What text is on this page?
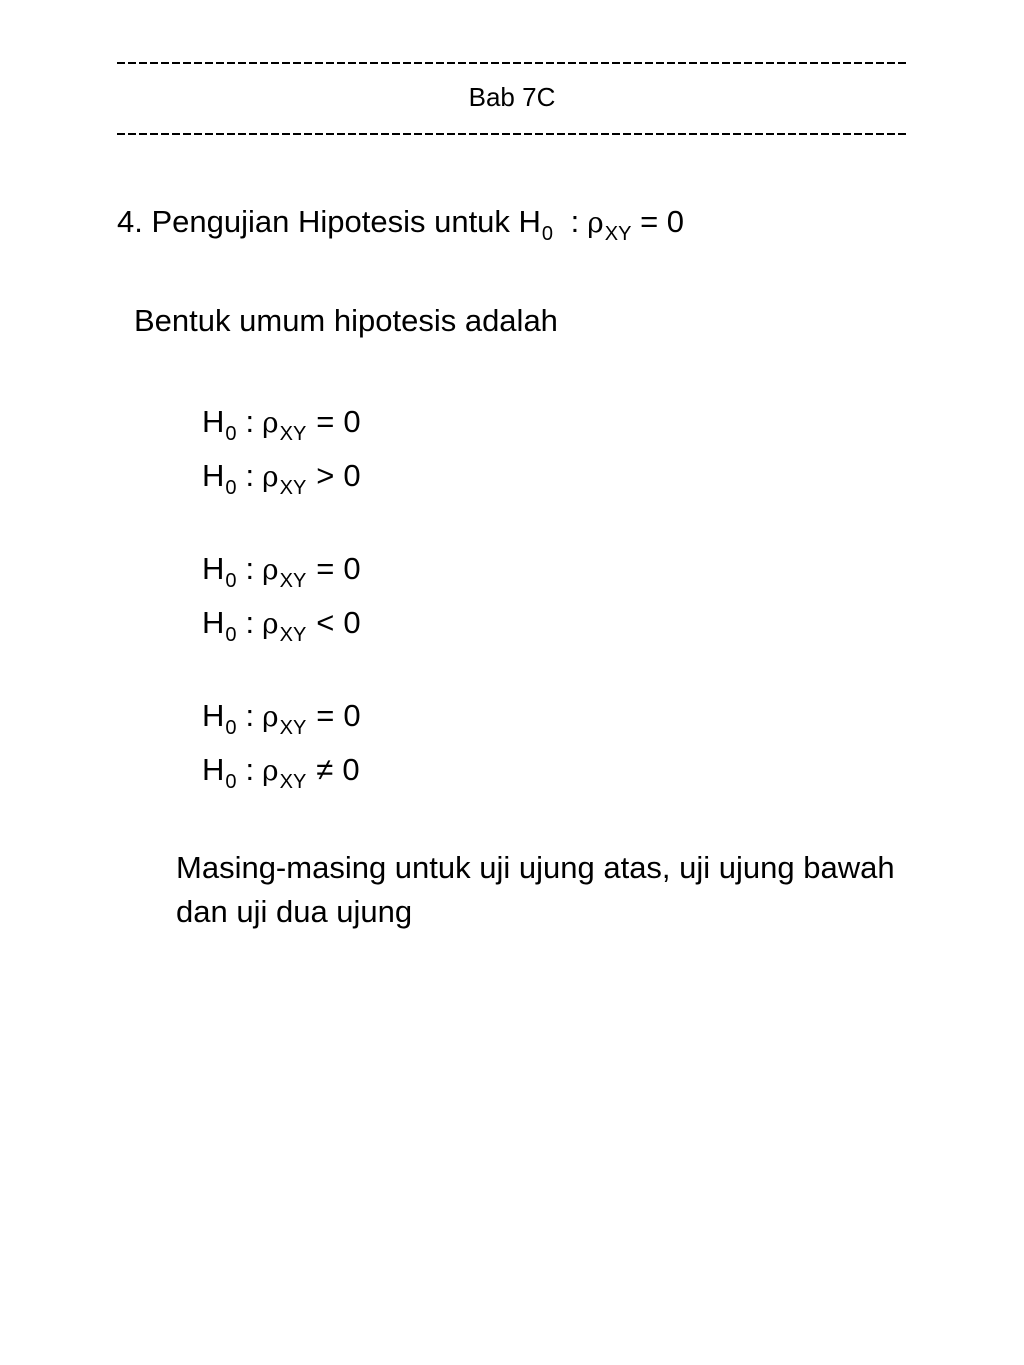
Bab 7C
4. Pengujian Hipotesis untuk $H_0$ : $\rho_{XY} = 0$
Bentuk umum hipotesis adalah
H 0 : ρ XY = 0
H 0 : ρ XY > 0
H 0 : ρ XY = 0
H 0 : ρ XY < 0
H 0 : ρ XY = 0
H 0 : ρ XY ≠ 0
Masing-masing untuk uji ujung atas, uji ujung bawah dan uji dua ujung
